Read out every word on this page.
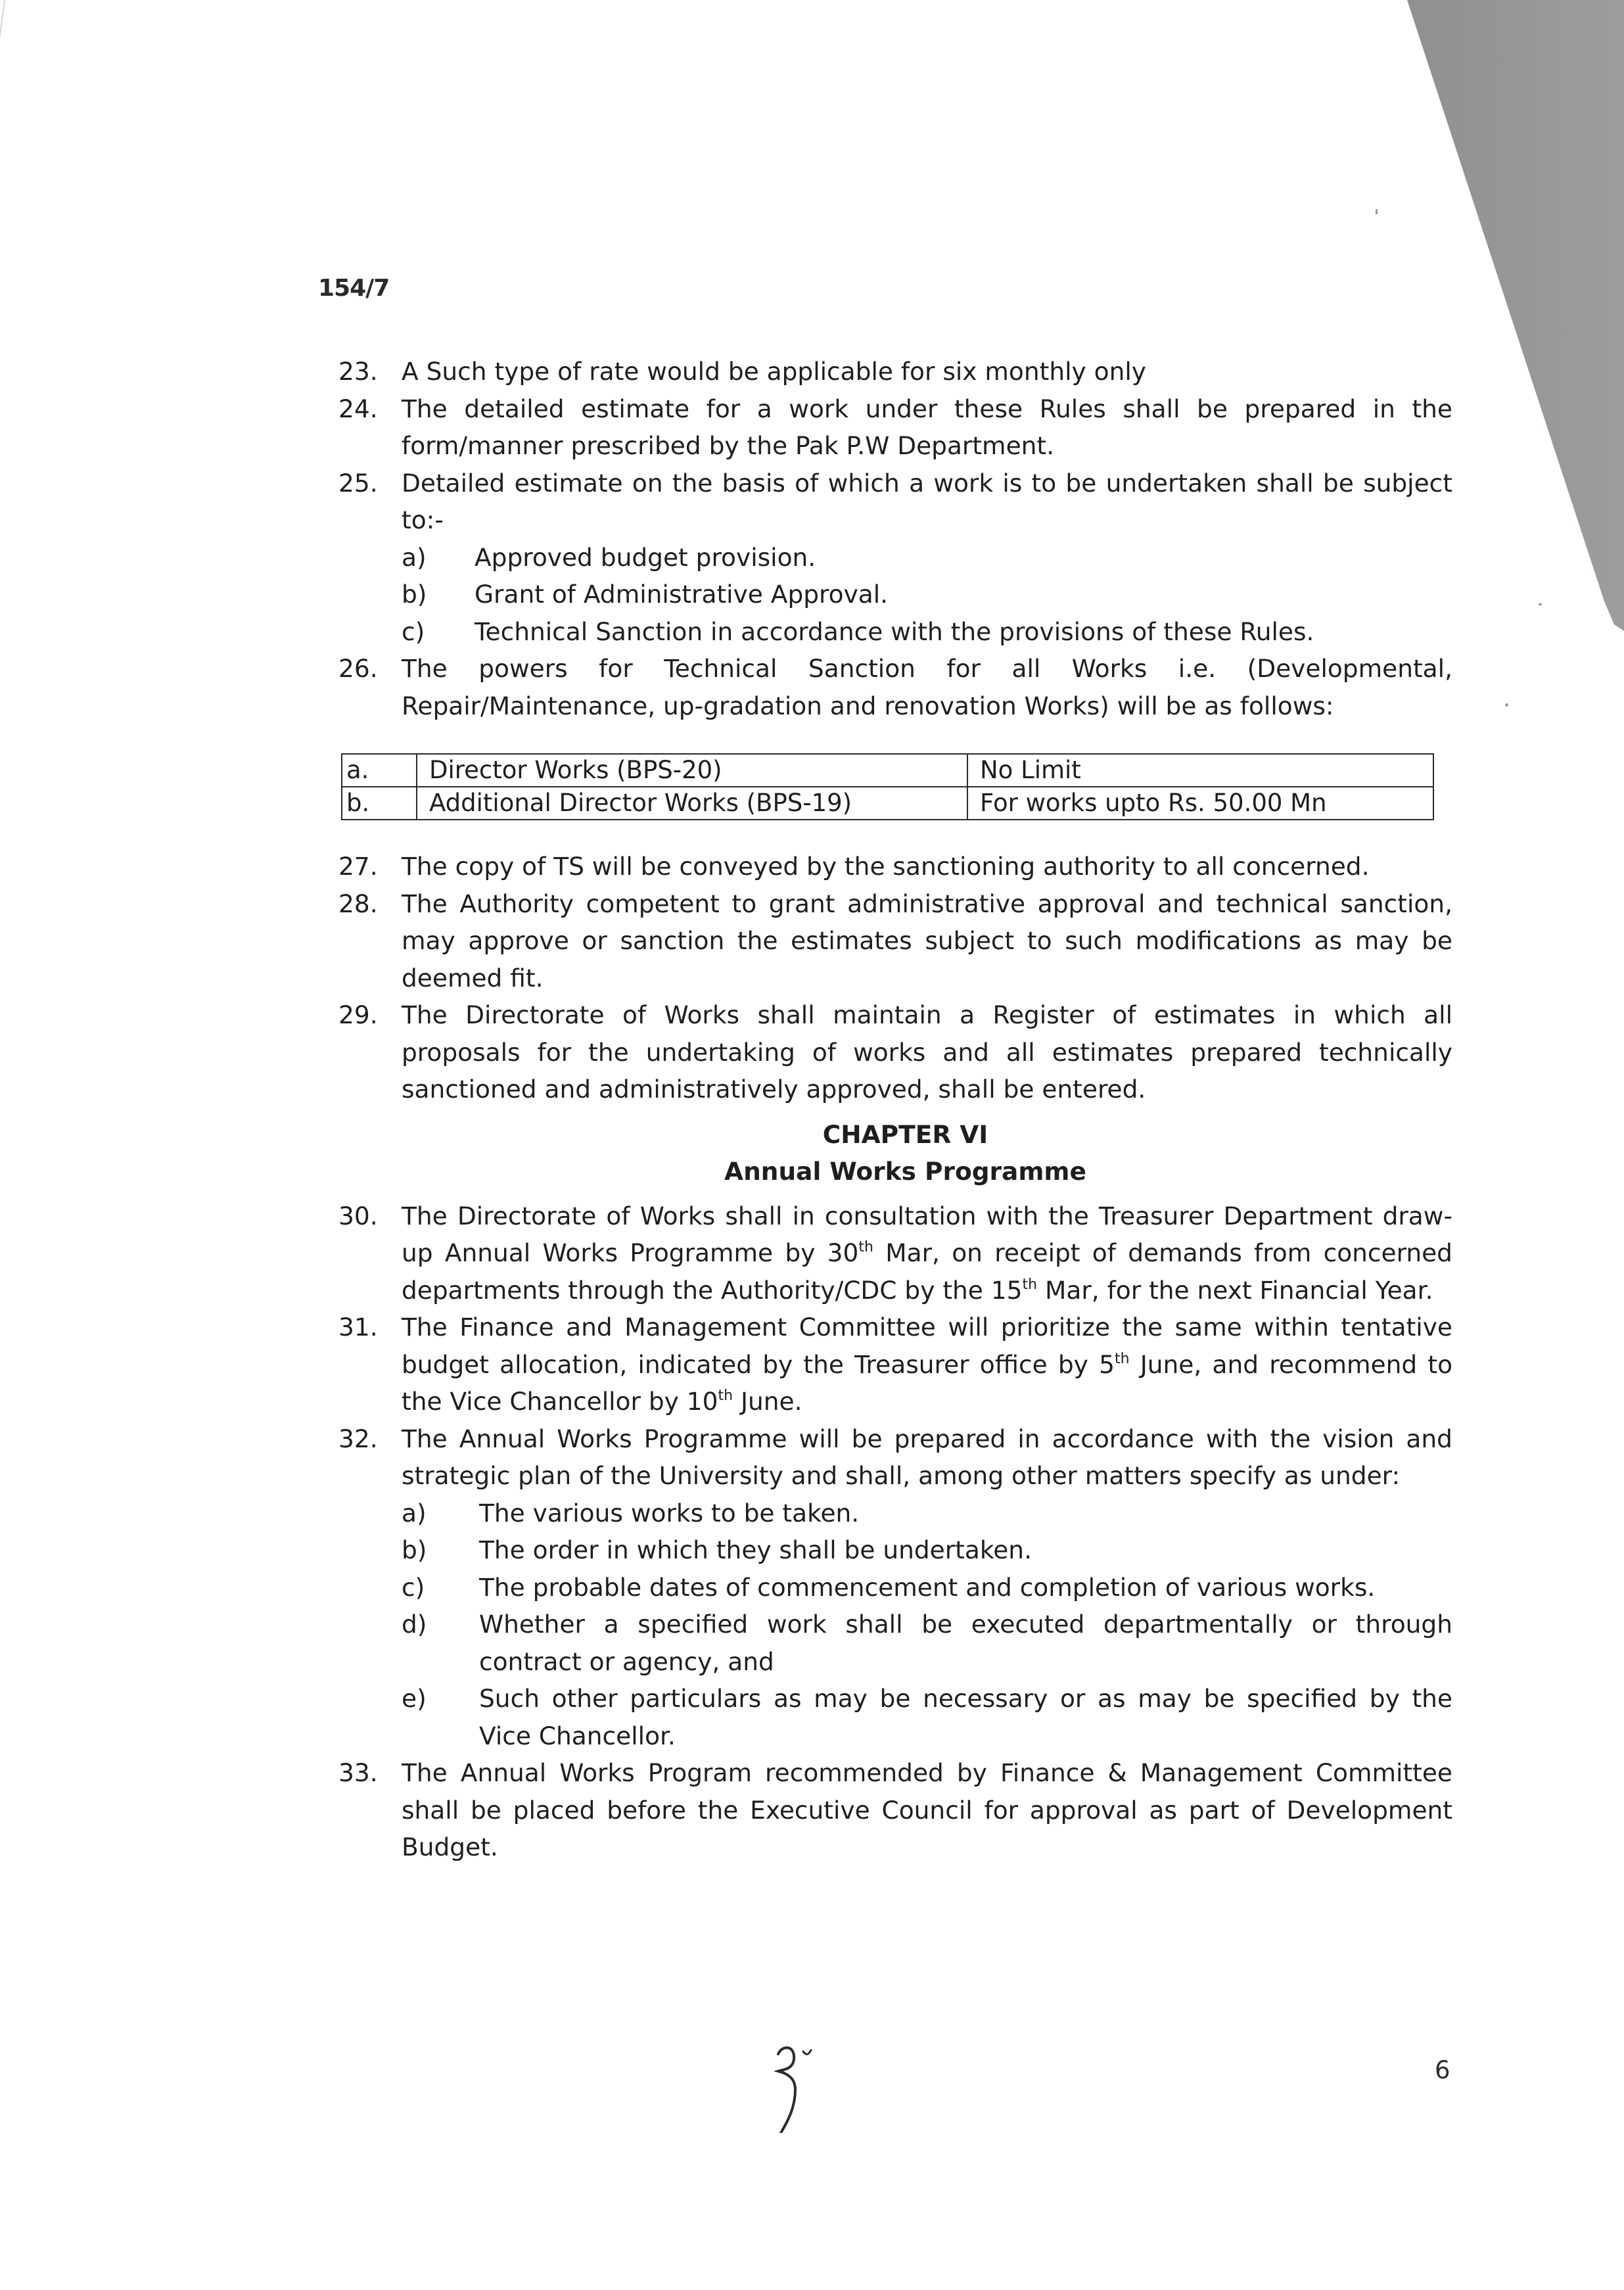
154/7
23. A Such type of rate would be applicable for six monthly only
24. The detailed estimate for a work under these Rules shall be prepared in the form/manner prescribed by the Pak P.W Department.
25. Detailed estimate on the basis of which a work is to be undertaken shall be subject to:-
a)	Approved budget provision.
b)	Grant of Administrative Approval.
c)	Technical Sanction in accordance with the provisions of these Rules.
26. The powers for Technical Sanction for all Works i.e. (Developmental, Repair/Maintenance, up-gradation and renovation Works) will be as follows:
a.	Director Works (BPS-20)	No Limit
b.	Additional Director Works (BPS-19)	For works upto Rs. 50.00 Mn
27. The copy of TS will be conveyed by the sanctioning authority to all concerned.
28. The Authority competent to grant administrative approval and technical sanction, may approve or sanction the estimates subject to such modifications as may be deemed fit.
29. The Directorate of Works shall maintain a Register of estimates in which all proposals for the undertaking of works and all estimates prepared technically sanctioned and administratively approved, shall be entered.
CHAPTER VI
Annual Works Programme
30. The Directorate of Works shall in consultation with the Treasurer Department draw-up Annual Works Programme by 30th Mar, on receipt of demands from concerned departments through the Authority/CDC by the 15th Mar, for the next Financial Year.
31. The Finance and Management Committee will prioritize the same within tentative budget allocation, indicated by the Treasurer office by 5th June, and recommend to the Vice Chancellor by 10th June.
32. The Annual Works Programme will be prepared in accordance with the vision and strategic plan of the University and shall, among other matters specify as under:
a)	The various works to be taken.
b)	The order in which they shall be undertaken.
c)	The probable dates of commencement and completion of various works.
d)	Whether a specified work shall be executed departmentally or through contract or agency, and
e)	Such other particulars as may be necessary or as may be specified by the Vice Chancellor.
33. The Annual Works Program recommended by Finance & Management Committee shall be placed before the Executive Council for approval as part of Development Budget.
6
